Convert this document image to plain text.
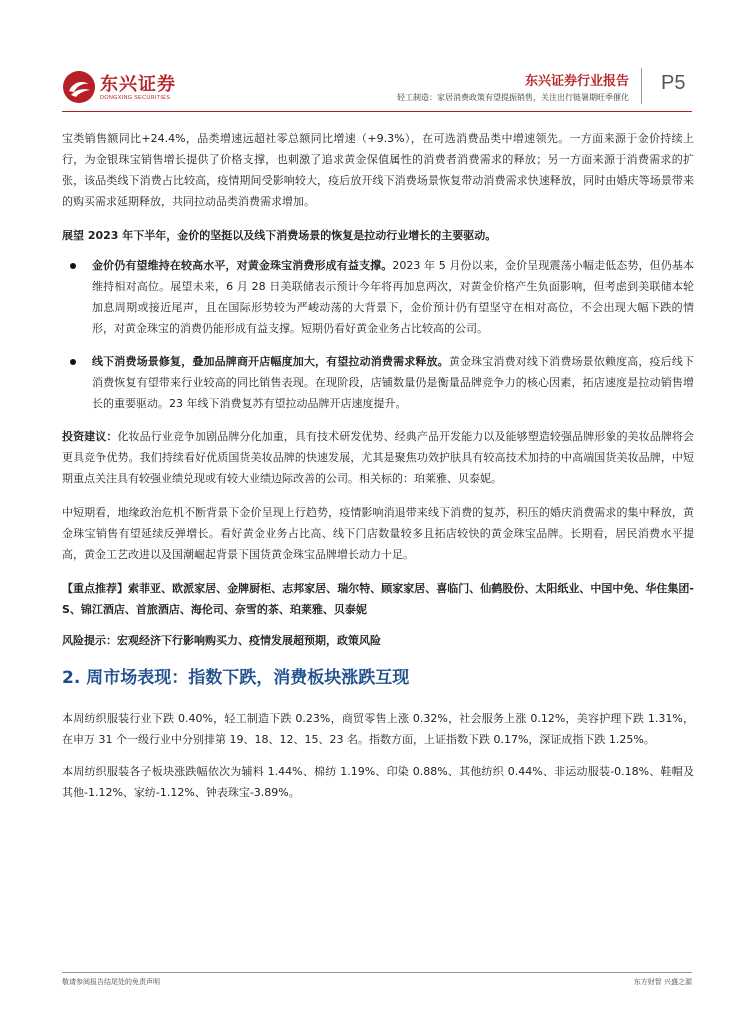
东兴证券
DONGXING SECURITIES
东兴证券行业报告
轻工制造：家居消费政策有望提振销售，关注出行链暑期旺季催化
P5

宝类销售额同比+24.4%，品类增速远超社零总额同比增速（+9.3%），在可选消费品类中增速领先。一方面来源于金价持续上行，为金银珠宝销售增长提供了价格支撑，也刺激了追求黄金保值属性的消费者消费需求的释放；另一方面来源于消费需求的扩张，该品类线下消费占比较高，疫情期间受影响较大，疫后放开线下消费场景恢复带动消费需求快速释放，同时由婚庆等场景带来的购买需求延期释放，共同拉动品类消费需求增加。

展望 2023 年下半年，金价的坚挺以及线下消费场景的恢复是拉动行业增长的主要驱动。

金价仍有望维持在较高水平，对黄金珠宝消费形成有益支撑。2023 年 5 月份以来，金价呈现震荡小幅走低态势，但仍基本维持相对高位。展望未来，6 月 28 日美联储表示预计今年将再加息两次，对黄金价格产生负面影响，但考虑到美联储本轮加息周期或接近尾声，且在国际形势较为严峻动荡的大背景下，金价预计仍有望坚守在相对高位，不会出现大幅下跌的情形，对黄金珠宝的消费仍能形成有益支撑。短期仍看好黄金业务占比较高的公司。

线下消费场景修复，叠加品牌商开店幅度加大，有望拉动消费需求释放。黄金珠宝消费对线下消费场景依赖度高，疫后线下消费恢复有望带来行业较高的同比销售表现。在现阶段，店铺数量仍是衡量品牌竞争力的核心因素，拓店速度是拉动销售增长的重要驱动。23 年线下消费复苏有望拉动品牌开店速度提升。

投资建议：化妆品行业竞争加剧品牌分化加重，具有技术研发优势、经典产品开发能力以及能够塑造较强品牌形象的美妆品牌将会更具竞争优势。我们持续看好优质国货美妆品牌的快速发展，尤其是聚焦功效护肤具有较高技术加持的中高端国货美妆品牌，中短期重点关注具有较强业绩兑现或有较大业绩边际改善的公司。相关标的：珀莱雅、贝泰妮。

中短期看，地缘政治危机不断背景下金价呈现上行趋势，疫情影响消退带来线下消费的复苏，积压的婚庆消费需求的集中释放，黄金珠宝销售有望延续反弹增长。看好黄金业务占比高、线下门店数量较多且拓店较快的黄金珠宝品牌。长期看，居民消费水平提高，黄金工艺改进以及国潮崛起背景下国货黄金珠宝品牌增长动力十足。

【重点推荐】索菲亚、欧派家居、金牌厨柜、志邦家居、瑞尔特、顾家家居、喜临门、仙鹤股份、太阳纸业、中国中免、华住集团-S、锦江酒店、首旅酒店、海伦司、奈雪的茶、珀莱雅、贝泰妮

风险提示：宏观经济下行影响购买力、疫情发展超预期，政策风险

2. 周市场表现：指数下跌，消费板块涨跌互现

本周纺织服装行业下跌 0.40%，轻工制造下跌 0.23%，商贸零售上涨 0.32%，社会服务上涨 0.12%，美容护理下跌 1.31%，在申万 31 个一级行业中分别排第 19、18、12、15、23 名。指数方面，上证指数下跌 0.17%，深证成指下跌 1.25%。

本周纺织服装各子板块涨跌幅依次为辅料 1.44%、棉纺 1.19%、印染 0.88%、其他纺织 0.44%、非运动服装-0.18%、鞋帽及其他-1.12%、家纺-1.12%、钟表珠宝-3.89%。

敬请参阅报告结尾处的免责声明	东方财智 兴盛之源
